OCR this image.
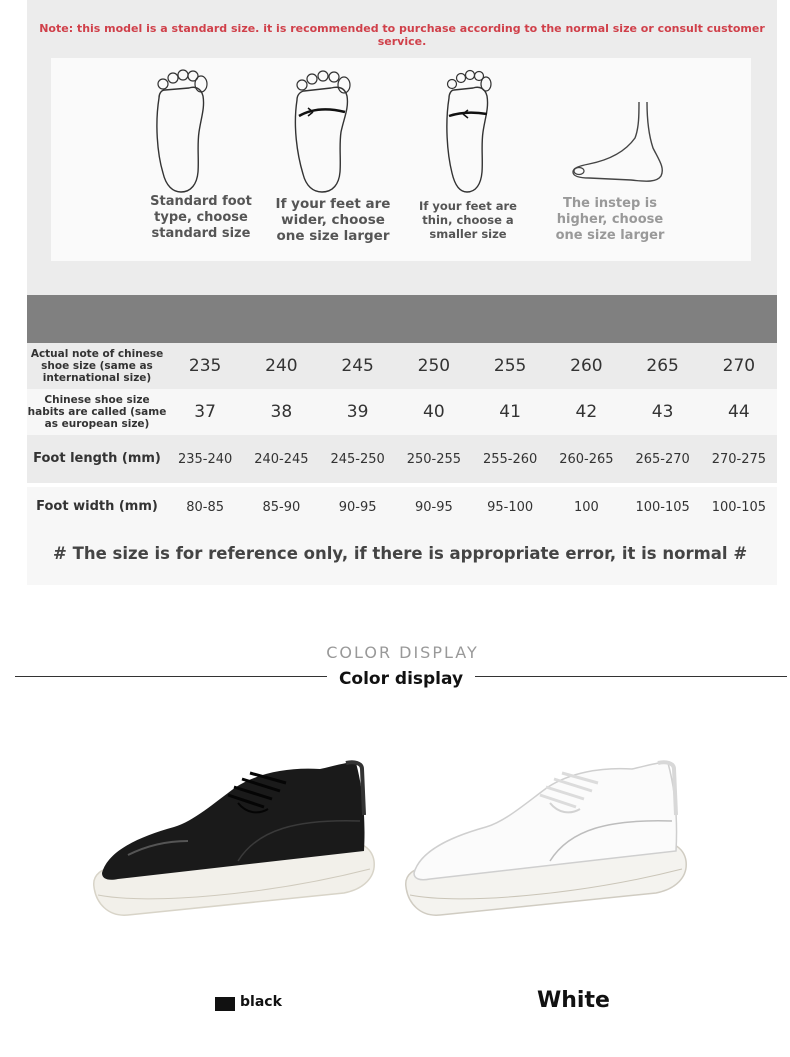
Note: this model is a standard size. it is recommended to purchase according to the normal size or consult customer service.
Standard foot type, choose standard size
If your feet are wider, choose one size larger
If your feet are thin, choose a smaller size
The instep is higher, choose one size larger
Actual note of chinese shoe size (same as international size)	235	240	245	250	255	260	265	270
Chinese shoe size habits are called (same as european size)	37	38	39	40	41	42	43	44
Foot length (mm)	235-240	240-245	245-250	250-255	255-260	260-265	265-270	270-275

Foot width (mm)	80-85	85-90	90-95	90-95	95-100	100	100-105	100-105
# The size is for reference only, if there is appropriate error, it is normal #
COLOR DISPLAY
Color display
black	White
